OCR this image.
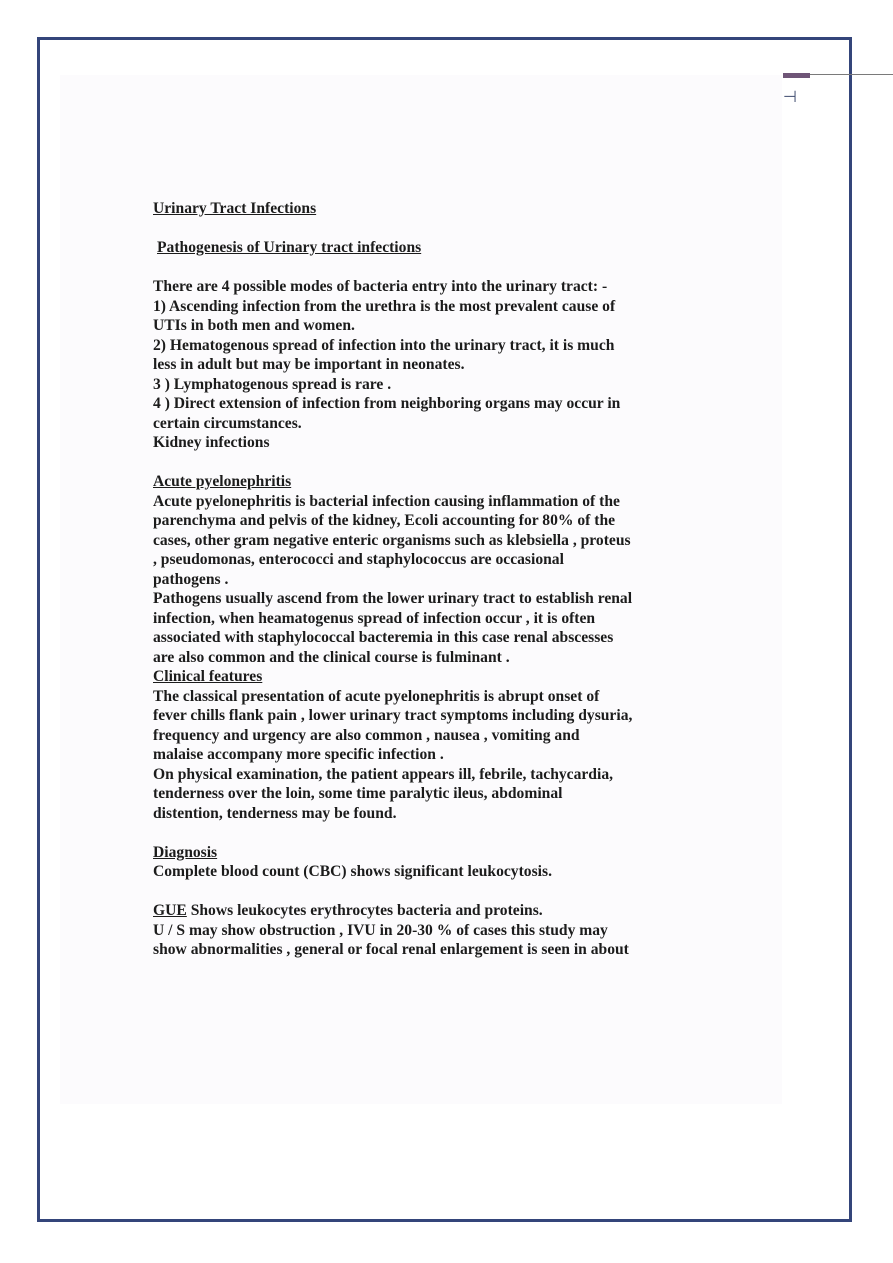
⊣

Urinary Tract Infections

Pathogenesis of Urinary tract infections

There are 4 possible modes of bacteria entry into the urinary tract: -

1) Ascending infection from the urethra is the most prevalent cause of

UTIs in both men and women.

2) Hematogenous spread of infection into the urinary tract, it is much

less in adult but may be important in neonates.

3 ) Lymphatogenous spread is rare .

4 ) Direct extension of infection from neighboring organs may occur in

certain circumstances.

Kidney infections

Acute pyelonephritis

Acute pyelonephritis is bacterial infection causing inflammation of the

parenchyma and pelvis of the kidney, Ecoli accounting for 80% of the

cases, other gram negative enteric organisms such as klebsiella , proteus

, pseudomonas, enterococci and staphylococcus are occasional

pathogens .

Pathogens usually ascend from the lower urinary tract to establish renal

infection, when heamatogenus spread of infection occur , it is often

associated with staphylococcal bacteremia in this case renal abscesses

are also common and the clinical course is fulminant .

Clinical features

The classical presentation of acute pyelonephritis is abrupt onset of

fever chills flank pain , lower urinary tract symptoms including dysuria,

frequency and urgency are also common , nausea , vomiting and

malaise accompany more specific infection .

On physical examination, the patient appears ill, febrile, tachycardia,

tenderness over the loin, some time paralytic ileus, abdominal

distention, tenderness may be found.

Diagnosis

Complete blood count (CBC) shows significant leukocytosis.

GUE Shows leukocytes erythrocytes bacteria and proteins.

U / S may show obstruction , IVU in 20-30 % of cases this study may

show abnormalities , general or focal renal enlargement is seen in about
